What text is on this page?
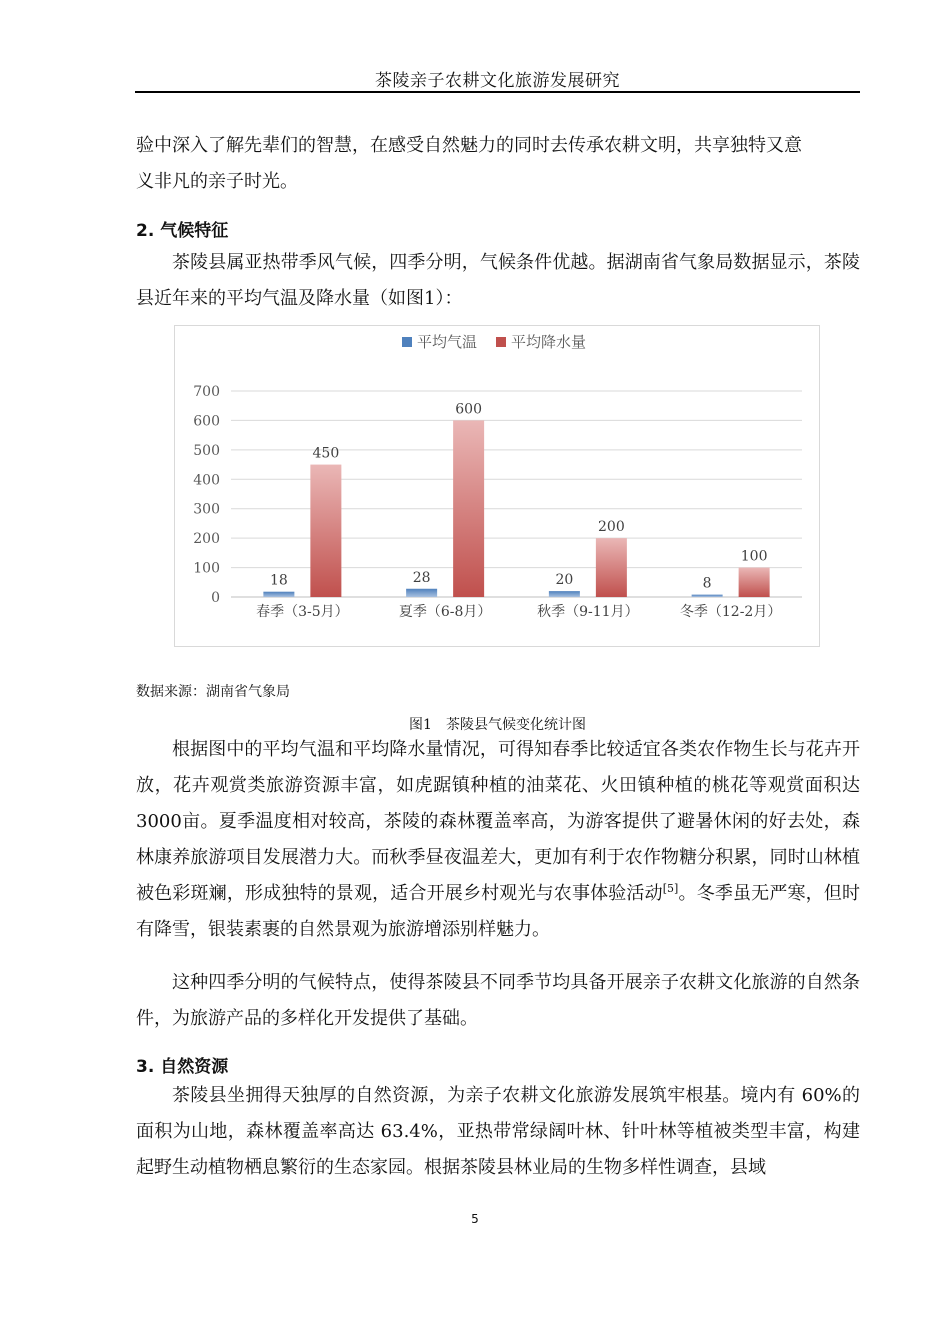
茶陵亲子农耕文化旅游发展研究

验中深入了解先辈们的智慧，在感受自然魅力的同时去传承农耕文明，共享独特又意
义非凡的亲子时光。

2. 气候特征

茶陵县属亚热带季风气候，四季分明，气候条件优越。据湖南省气象局数据显示，茶陵县近年来的平均气温及降水量（如图1）：

0
100
200
300
400
500
600
700
18
450
春季（3-5月）
28
600
夏季（6-8月）
20
200
秋季（9-11月）
8
100
冬季（12-2月）
平均气温 平均降水量
数据来源：湖南省气象局
图1　茶陵县气候变化统计图

根据图中的平均气温和平均降水量情况，可得知春季比较适宜各类农作物生长与花卉开放，花卉观赏类旅游资源丰富，如虎踞镇种植的油菜花、火田镇种植的桃花等观赏面积达3000亩。夏季温度相对较高，茶陵的森林覆盖率高，为游客提供了避暑休闲的好去处，森林康养旅游项目发展潜力大。而秋季昼夜温差大，更加有利于农作物糖分积累，同时山林植被色彩斑斓，形成独特的景观，适合开展乡村观光与农事体验活动[5]。冬季虽无严寒，但时有降雪，银装素裹的自然景观为旅游增添别样魅力。

这种四季分明的气候特点，使得茶陵县不同季节均具备开展亲子农耕文化旅游的自然条件，为旅游产品的多样化开发提供了基础。

3. 自然资源

茶陵县坐拥得天独厚的自然资源，为亲子农耕文化旅游发展筑牢根基。境内有 60%的面积为山地，森林覆盖率高达 63.4%，亚热带常绿阔叶林、针叶林等植被类型丰富，构建起野生动植物栖息繁衍的生态家园。根据茶陵县林业局的生物多样性调查，县域

5
